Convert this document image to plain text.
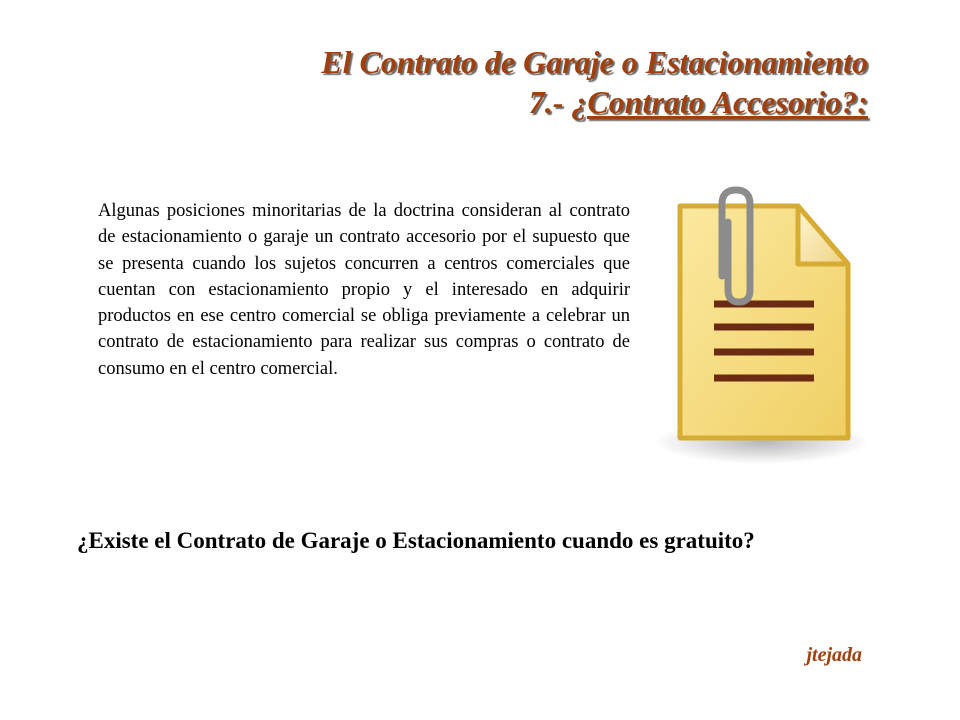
El Contrato de Garaje o Estacionamiento
7.- ¿Contrato Accesorio?:
Algunas posiciones minoritarias de la doctrina consideran al contrato de estacionamiento o garaje un contrato accesorio por el supuesto que se presenta cuando los sujetos concurren a centros comerciales que cuentan con estacionamiento propio y el interesado en adquirir productos en ese centro comercial se obliga previamente a celebrar un contrato de estacionamiento para realizar sus compras o contrato de consumo en el centro comercial.
¿Existe el Contrato de Garaje o Estacionamiento cuando es gratuito?
jtejada
